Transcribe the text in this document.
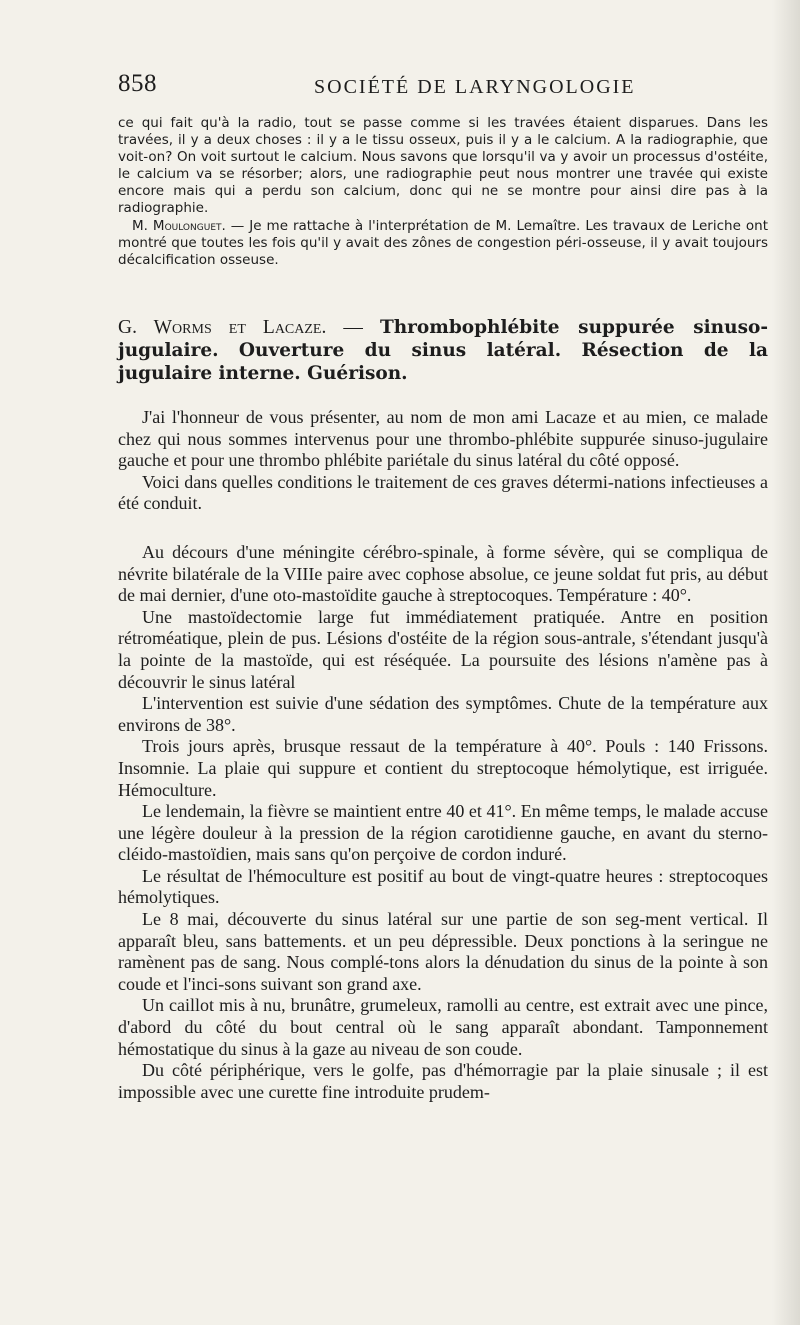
858	SOCIÉTÉ DE LARYNGOLOGIE

ce qui fait qu'à la radio, tout se passe comme si les travées étaient disparues. Dans les travées, il y a deux choses : il y a le tissu osseux, puis il y a le calcium. A la radiographie, que voit-on? On voit surtout le calcium. Nous savons que lorsqu'il va y avoir un processus d'ostéite, le calcium va se résorber; alors, une radiographie peut nous montrer une travée qui existe encore mais qui a perdu son calcium, donc qui ne se montre pour ainsi dire pas à la radiographie.

M. Moulonguet. — Je me rattache à l'interprétation de M. Lemaître. Les travaux de Leriche ont montré que toutes les fois qu'il y avait des zônes de congestion péri-osseuse, il y avait toujours décalcification osseuse.

G. Worms et Lacaze. — Thrombophlébite suppurée sinuso-jugulaire. Ouverture du sinus latéral. Résection de la jugulaire interne. Guérison.

J'ai l'honneur de vous présenter, au nom de mon ami Lacaze et au mien, ce malade chez qui nous sommes intervenus pour une thrombo-phlébite suppurée sinuso-jugulaire gauche et pour une thrombo phlébite pariétale du sinus latéral du côté opposé.

Voici dans quelles conditions le traitement de ces graves détermi-nations infectieuses a été conduit.

Au décours d'une méningite cérébro-spinale, à forme sévère, qui se compliqua de névrite bilatérale de la VIIIe paire avec cophose absolue, ce jeune soldat fut pris, au début de mai dernier, d'une oto-mastoïdite gauche à streptocoques. Température : 40°.

Une mastoïdectomie large fut immédiatement pratiquée. Antre en position rétroméatique, plein de pus. Lésions d'ostéite de la région sous-antrale, s'étendant jusqu'à la pointe de la mastoïde, qui est réséquée. La poursuite des lésions n'amène pas à découvrir le sinus latéral

L'intervention est suivie d'une sédation des symptômes. Chute de la température aux environs de 38°.

Trois jours après, brusque ressaut de la température à 40°. Pouls : 140 Frissons. Insomnie. La plaie qui suppure et contient du streptocoque hémolytique, est irriguée. Hémoculture.

Le lendemain, la fièvre se maintient entre 40 et 41°. En même temps, le malade accuse une légère douleur à la pression de la région carotidienne gauche, en avant du sterno-cléido-mastoïdien, mais sans qu'on perçoive de cordon induré.

Le résultat de l'hémoculture est positif au bout de vingt-quatre heures : streptocoques hémolytiques.

Le 8 mai, découverte du sinus latéral sur une partie de son seg-ment vertical. Il apparaît bleu, sans battements. et un peu dépressible. Deux ponctions à la seringue ne ramènent pas de sang. Nous complé-tons alors la dénudation du sinus de la pointe à son coude et l'inci-sons suivant son grand axe.

Un caillot mis à nu, brunâtre, grumeleux, ramolli au centre, est extrait avec une pince, d'abord du côté du bout central où le sang apparaît abondant. Tamponnement hémostatique du sinus à la gaze au niveau de son coude.

Du côté périphérique, vers le golfe, pas d'hémorragie par la plaie sinusale ; il est impossible avec une curette fine introduite prudem-
